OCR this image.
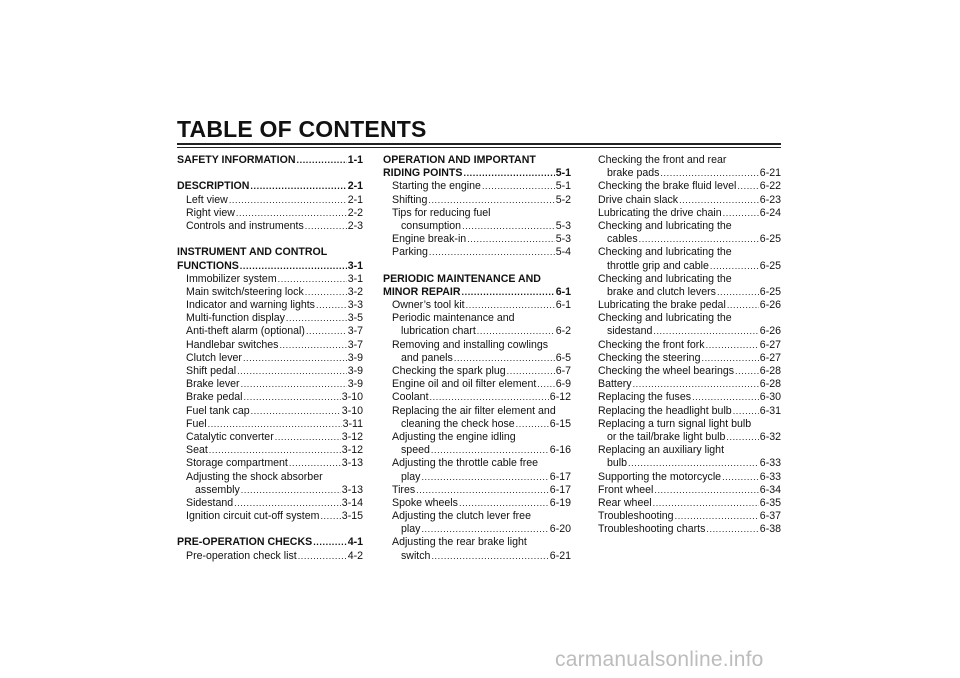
TABLE OF CONTENTS
SAFETY INFORMATION .....	1-1
DESCRIPTION .....	2-1
Left view .....	2-1
Right view .....	2-2
Controls and instruments .....	2-3
INSTRUMENT AND CONTROL
FUNCTIONS .....	3-1
Immobilizer system .....	3-1
Main switch/steering lock .....	3-2
Indicator and warning lights .....	3-3
Multi-function display .....	3-5
Anti-theft alarm (optional) .....	3-7
Handlebar switches .....	3-7
Clutch lever .....	3-9
Shift pedal .....	3-9
Brake lever .....	3-9
Brake pedal .....	3-10
Fuel tank cap .....	3-10
Fuel .....	3-11
Catalytic converter .....	3-12
Seat .....	3-12
Storage compartment .....	3-13
Adjusting the shock absorber
assembly .....	3-13
Sidestand .....	3-14
Ignition circuit cut-off system ..... 3-15
PRE-OPERATION CHECKS .....	4-1
Pre-operation check list .....	4-2
OPERATION AND IMPORTANT
RIDING POINTS .....	5-1
Starting the engine .....	5-1
Shifting .....	5-2
Tips for reducing fuel
consumption .....	5-3
Engine break-in .....	5-3
Parking .....	5-4
PERIODIC MAINTENANCE AND
MINOR REPAIR .....	6-1
Owner’s tool kit .....	6-1
Periodic maintenance and
lubrication chart .....	6-2
Removing and installing cowlings
and panels .....	6-5
Checking the spark plug .....	6-7
Engine oil and oil filter element ..... 6-9
Coolant .....	6-12
Replacing the air filter element and
cleaning the check hose .....	6-15
Adjusting the engine idling
speed .....	6-16
Adjusting the throttle cable free
play .....	6-17
Tires .....	6-17
Spoke wheels .....	6-19
Adjusting the clutch lever free
play .....	6-20
Adjusting the rear brake light
switch .....	6-21
Checking the front and rear
brake pads .....	6-21
Checking the brake fluid level ..... 6-22
Drive chain slack .....	6-23
Lubricating the drive chain .....	6-24
Checking and lubricating the
cables .....	6-25
Checking and lubricating the
throttle grip and cable .....	6-25
Checking and lubricating the
brake and clutch levers .....	6-25
Lubricating the brake pedal .....	6-26
Checking and lubricating the
sidestand .....	6-26
Checking the front fork .....	6-27
Checking the steering .....	6-27
Checking the wheel bearings ..... 6-28
Battery .....	6-28
Replacing the fuses .....	6-30
Replacing the headlight bulb .....	6-31
Replacing a turn signal light bulb
or the tail/brake light bulb .....	6-32
Replacing an auxiliary light
bulb .....	6-33
Supporting the motorcycle .....	6-33
Front wheel .....	6-34
Rear wheel .....	6-35
Troubleshooting .....	6-37
Troubleshooting charts .....	6-38
carmanualsonline.info
